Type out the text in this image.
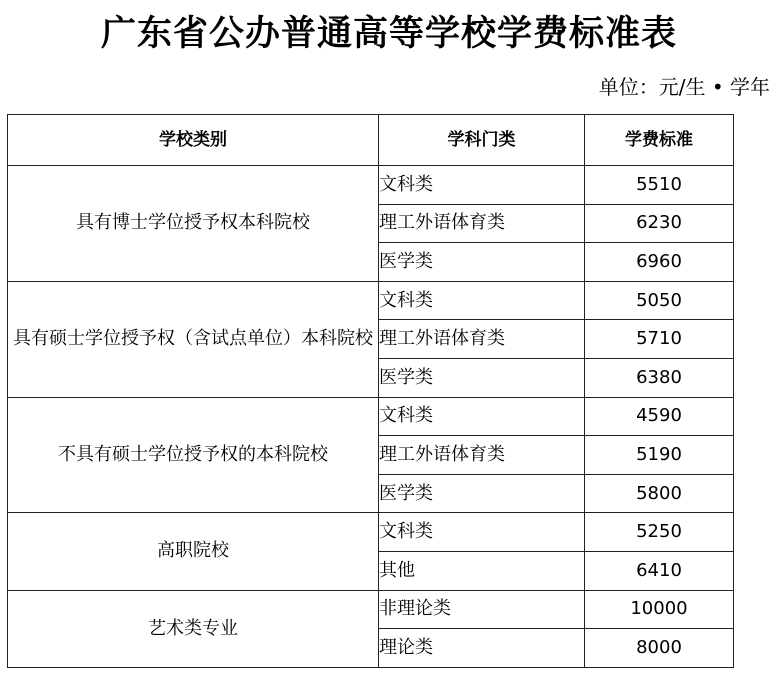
广东省公办普通高等学校学费标准表
单位：元/生 • 学年
学校类别	学科门类	学费标准
具有博士学位授予权本科院校	文科类	5510
	理工外语体育类	6230
	医学类	6960
具有硕士学位授予权（含试点单位）本科院校	文科类	5050
	理工外语体育类	5710
	医学类	6380
不具有硕士学位授予权的本科院校	文科类	4590
	理工外语体育类	5190
	医学类	5800
高职院校	文科类	5250
	其他	6410
艺术类专业	非理论类	10000
	理论类	8000
